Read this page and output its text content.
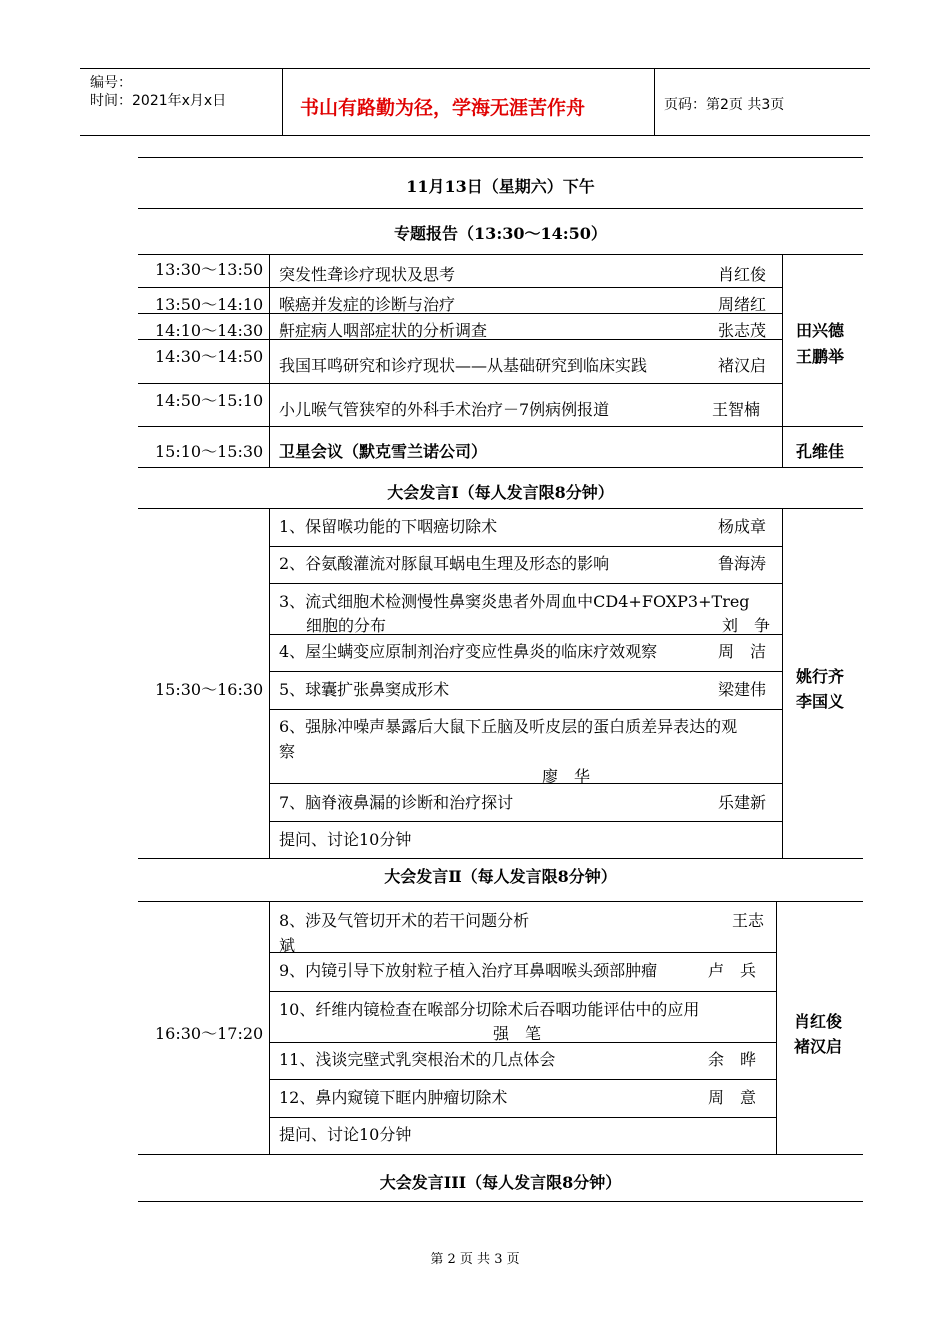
编号：
时间：2021年x月x日	书山有路勤为径，学海无涯苦作舟	页码：第2页 共3页
11月13日（星期六）下午
专题报告（13:30～14:50）
13:30～13:50 突发性聋诊疗现状及思考	肖红俊
13:50～14:10 喉癌并发症的诊断与治疗	周绪红
14:10～14:30 鼾症病人咽部症状的分析调查	张志茂
14:30～14:50 我国耳鸣研究和诊疗现状——从基础研究到临床实践	褚汉启
14:50～15:10 小儿喉气管狭窄的外科手术治疗－7例病例报道	王智楠
田兴德
王鹏举
15:10～15:30 卫星会议（默克雪兰诺公司）	孔维佳
大会发言Ⅰ（每人发言限8分钟）
15:30～16:30
1、保留喉功能的下咽癌切除术	杨成章
2、谷氨酸灌流对豚鼠耳蜗电生理及形态的影响	鲁海涛
3、流式细胞术检测慢性鼻窦炎患者外周血中CD4+FOXP3+Treg
细胞的分布	刘　争
4、屋尘螨变应原制剂治疗变应性鼻炎的临床疗效观察	周　洁
5、球囊扩张鼻窦成形术	梁建伟
6、强脉冲噪声暴露后大鼠下丘脑及听皮层的蛋白质差异表达的观
察
廖　华
7、脑脊液鼻漏的诊断和治疗探讨	乐建新
提问、讨论10分钟
姚行齐
李国义
大会发言Ⅱ（每人发言限8分钟）
16:30～17:20
8、涉及气管切开术的若干问题分析	王志
斌
9、内镜引导下放射粒子植入治疗耳鼻咽喉头颈部肿瘤	卢　兵
10、纤维内镜检查在喉部分切除术后吞咽功能评估中的应用
强　笔
11、浅谈完壁式乳突根治术的几点体会	余　晔
12、鼻内窥镜下眶内肿瘤切除术	周　意
提问、讨论10分钟
肖红俊
褚汉启
大会发言III（每人发言限8分钟）
第 2 页 共 3 页
